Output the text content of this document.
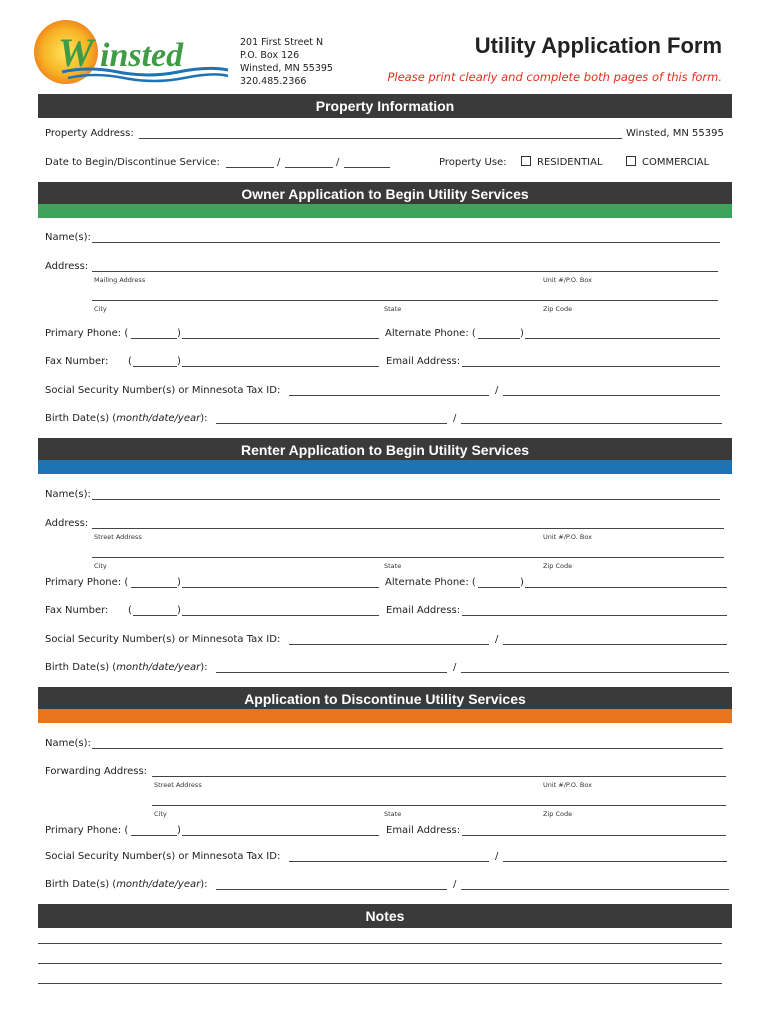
W insted	201 First Street N
P.O. Box 126
Winsted, MN 55395
320.485.2366
Utility Application Form
Please print clearly and complete both pages of this form.
Property Information
Property Address:	Winsted, MN 55395
Date to Begin/Discontinue Service:	/	/	Property Use:	RESIDENTIAL	COMMERCIAL
Owner Application to Begin Utility Services
Name(s):
Address:
Mailing Address	Unit #/P.O. Box
City	State	Zip Code
Primary Phone: (	)	Alternate Phone: (	)
Fax Number: (	)	Email Address:
Social Security Number(s) or Minnesota Tax ID:	/
Birth Date(s) (month/date/year):	/
Renter Application to Begin Utility Services
Name(s):
Address:
Street Address	Unit #/P.O. Box
City	State	Zip Code
Primary Phone: (	)	Alternate Phone: (	)
Fax Number: (	)	Email Address:
Social Security Number(s) or Minnesota Tax ID:	/
Birth Date(s) (month/date/year):	/
Application to Discontinue Utility Services
Name(s):
Forwarding Address:
Street Address	Unit #/P.O. Box
City	State	Zip Code
Primary Phone: (	)	Email Address:
Social Security Number(s) or Minnesota Tax ID:	/
Birth Date(s) (month/date/year):	/
Notes
